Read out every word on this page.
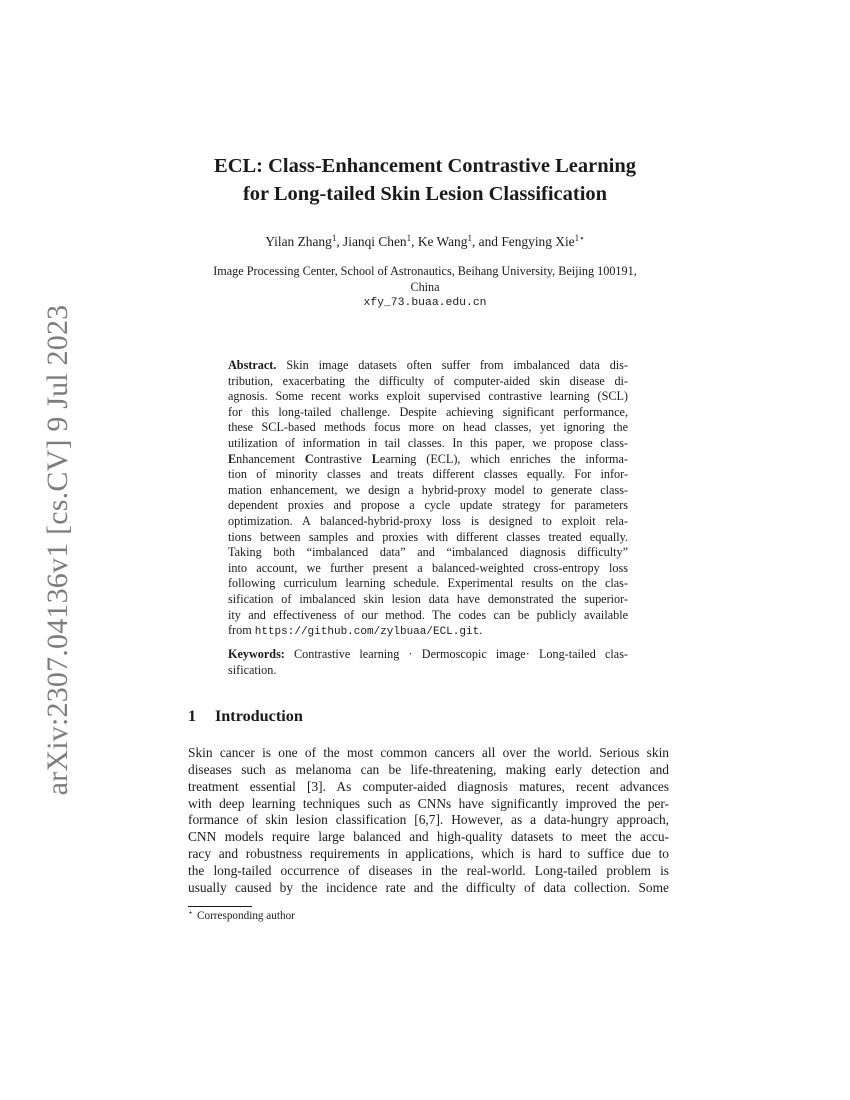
arXiv:2307.04136v1 [cs.CV] 9 Jul 2023
ECL: Class-Enhancement Contrastive Learning
for Long-tailed Skin Lesion Classification
Yilan Zhang$^1$, Jianqi Chen$^1$, Ke Wang$^1$, and Fengying Xie$^{1⋆}$
Image Processing Center, School of Astronautics, Beihang University, Beijing 100191,
China
xfy_73.buaa.edu.cn
Abstract. Skin image datasets often suffer from imbalanced data dis-
tribution, exacerbating the difficulty of computer-aided skin disease di-
agnosis. Some recent works exploit supervised contrastive learning (SCL)
for this long-tailed challenge. Despite achieving significant performance,
these SCL-based methods focus more on head classes, yet ignoring the
utilization of information in tail classes. In this paper, we propose class-
Enhancement Contrastive Learning (ECL), which enriches the informa-
tion of minority classes and treats different classes equally. For infor-
mation enhancement, we design a hybrid-proxy model to generate class-
dependent proxies and propose a cycle update strategy for parameters
optimization. A balanced-hybrid-proxy loss is designed to exploit rela-
tions between samples and proxies with different classes treated equally.
Taking both “imbalanced data” and “imbalanced diagnosis difficulty”
into account, we further present a balanced-weighted cross-entropy loss
following curriculum learning schedule. Experimental results on the clas-
sification of imbalanced skin lesion data have demonstrated the superior-
ity and effectiveness of our method. The codes can be publicly available
from https://github.com/zylbuaa/ECL.git.
Keywords: Contrastive learning · Dermoscopic image· Long-tailed clas-
sification.
1 Introduction
Skin cancer is one of the most common cancers all over the world. Serious skin
diseases such as melanoma can be life-threatening, making early detection and
treatment essential [3]. As computer-aided diagnosis matures, recent advances
with deep learning techniques such as CNNs have significantly improved the per-
formance of skin lesion classification [6,7]. However, as a data-hungry approach,
CNN models require large balanced and high-quality datasets to meet the accu-
racy and robustness requirements in applications, which is hard to suffice due to
the long-tailed occurrence of diseases in the real-world. Long-tailed problem is
usually caused by the incidence rate and the difficulty of data collection. Some
⋆ Corresponding author
